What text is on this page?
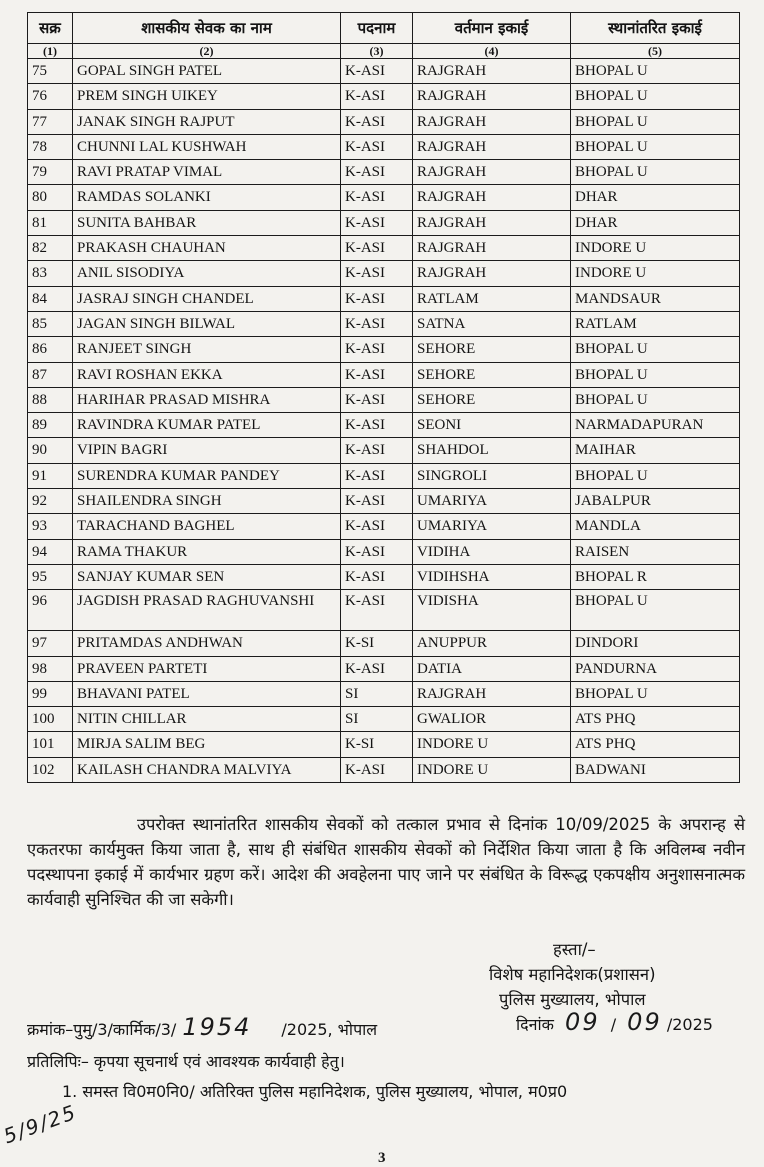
सक्र	शासकीय सेवक का नाम	पदनाम	वर्तमान इकाई	स्थानांतरित इकाई
(1)	(2)	(3)	(4)	(5)
75	GOPAL SINGH PATEL	K-ASI	RAJGRAH	BHOPAL U
76	PREM SINGH UIKEY	K-ASI	RAJGRAH	BHOPAL U
77	JANAK SINGH RAJPUT	K-ASI	RAJGRAH	BHOPAL U
78	CHUNNI LAL KUSHWAH	K-ASI	RAJGRAH	BHOPAL U
79	RAVI PRATAP VIMAL	K-ASI	RAJGRAH	BHOPAL U
80	RAMDAS SOLANKI	K-ASI	RAJGRAH	DHAR
81	SUNITA BAHBAR	K-ASI	RAJGRAH	DHAR
82	PRAKASH CHAUHAN	K-ASI	RAJGRAH	INDORE U
83	ANIL SISODIYA	K-ASI	RAJGRAH	INDORE U
84	JASRAJ SINGH CHANDEL	K-ASI	RATLAM	MANDSAUR
85	JAGAN SINGH BILWAL	K-ASI	SATNA	RATLAM
86	RANJEET SINGH	K-ASI	SEHORE	BHOPAL U
87	RAVI ROSHAN EKKA	K-ASI	SEHORE	BHOPAL U
88	HARIHAR PRASAD MISHRA	K-ASI	SEHORE	BHOPAL U
89	RAVINDRA KUMAR PATEL	K-ASI	SEONI	NARMADAPURAN
90	VIPIN BAGRI	K-ASI	SHAHDOL	MAIHAR
91	SURENDRA KUMAR PANDEY	K-ASI	SINGROLI	BHOPAL U
92	SHAILENDRA SINGH	K-ASI	UMARIYA	JABALPUR
93	TARACHAND BAGHEL	K-ASI	UMARIYA	MANDLA
94	RAMA THAKUR	K-ASI	VIDIHA	RAISEN
95	SANJAY KUMAR SEN	K-ASI	VIDIHSHA	BHOPAL R
96	JAGDISH PRASAD RAGHUVANSHI	K-ASI	VIDISHA	BHOPAL U
97	PRITAMDAS ANDHWAN	K-SI	ANUPPUR	DINDORI
98	PRAVEEN PARTETI	K-ASI	DATIA	PANDURNA
99	BHAVANI PATEL	SI	RAJGRAH	BHOPAL U
100	NITIN CHILLAR	SI	GWALIOR	ATS PHQ
101	MIRJA SALIM BEG	K-SI	INDORE U	ATS PHQ
102	KAILASH CHANDRA MALVIYA	K-ASI	INDORE U	BADWANI
उपरोक्त स्थानांतरित शासकीय सेवकों को तत्काल प्रभाव से दिनांक 10/09/2025 के अपरान्ह से एकतरफा कार्यमुक्त किया जाता है, साथ ही संबंधित शासकीय सेवकों को निर्देशित किया जाता है कि अविलम्ब नवीन पदस्थापना इकाई में कार्यभार ग्रहण करें। आदेश की अवहेलना पाए जाने पर संबंधित के विरूद्ध एकपक्षीय अनुशासनात्मक कार्यवाही सुनिश्चित की जा सकेगी।
हस्ता/–
विशेष महानिदेशक(प्रशासन)
पुलिस मुख्यालय, भोपाल
क्रमांक–पुमु/3/कार्मिक/3/ 1954 /2025, भोपाल	दिनांक 09 / 09 /2025
प्रतिलिपिः– कृपया सूचनार्थ एवं आवश्यक कार्यवाही हेतु।
1. समस्त वि0म0नि0/ अतिरिक्त पुलिस महानिदेशक, पुलिस मुख्यालय, भोपाल, म0प्र0
5/9/25
3
